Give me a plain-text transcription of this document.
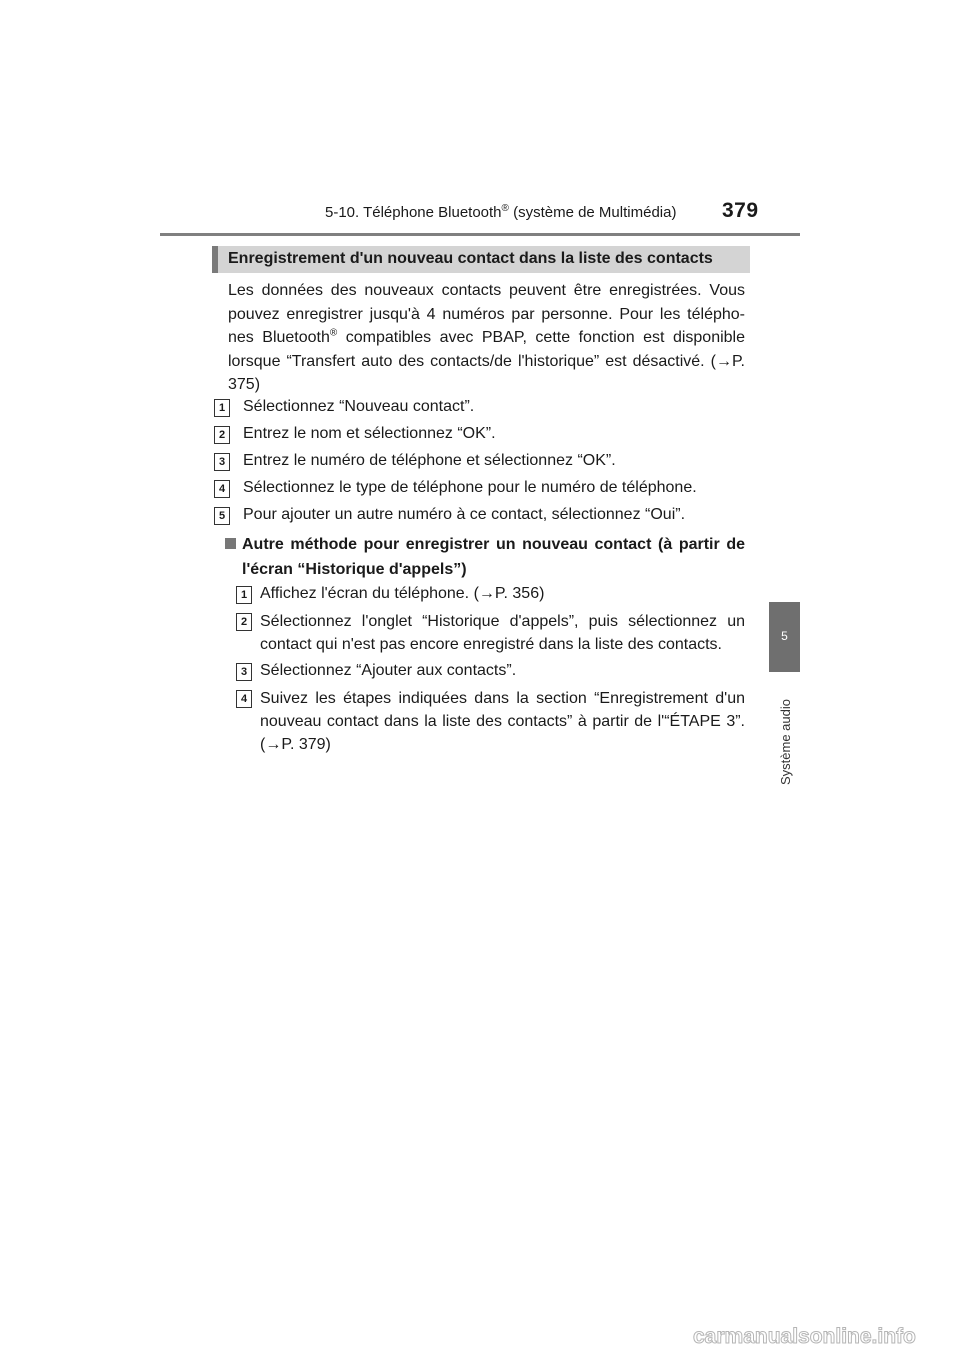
5-10. Téléphone Bluetooth® (système de Multimédia) 379
5
Système audio
Enregistrement d'un nouveau contact dans la liste des contacts
Les données des nouveaux contacts peuvent être enregistrées. Vous pouvez enregistrer jusqu'à 4 numéros par personne. Pour les télépho-nes Bluetooth® compatibles avec PBAP, cette fonction est disponible lorsque “Transfert auto des contacts/de l'historique” est désactivé. (→P. 375)
1	Sélectionnez “Nouveau contact”.
2	Entrez le nom et sélectionnez “OK”.
3	Entrez le numéro de téléphone et sélectionnez “OK”.
4	Sélectionnez le type de téléphone pour le numéro de téléphone.
5	Pour ajouter un autre numéro à ce contact, sélectionnez “Oui”.
Autre méthode pour enregistrer un nouveau contact (à partir de l'écran “Historique d'appels”)
1 Affichez l'écran du téléphone. (→P. 356)
2 Sélectionnez l'onglet “Historique d'appels”, puis sélectionnez un contact qui n'est pas encore enregistré dans la liste des contacts.
3 Sélectionnez “Ajouter aux contacts”.
4 Suivez les étapes indiquées dans la section “Enregistrement d'un nouveau contact dans la liste des contacts” à partir de l'“ÉTAPE 3”. (→P. 379)
carmanualsonline.info
